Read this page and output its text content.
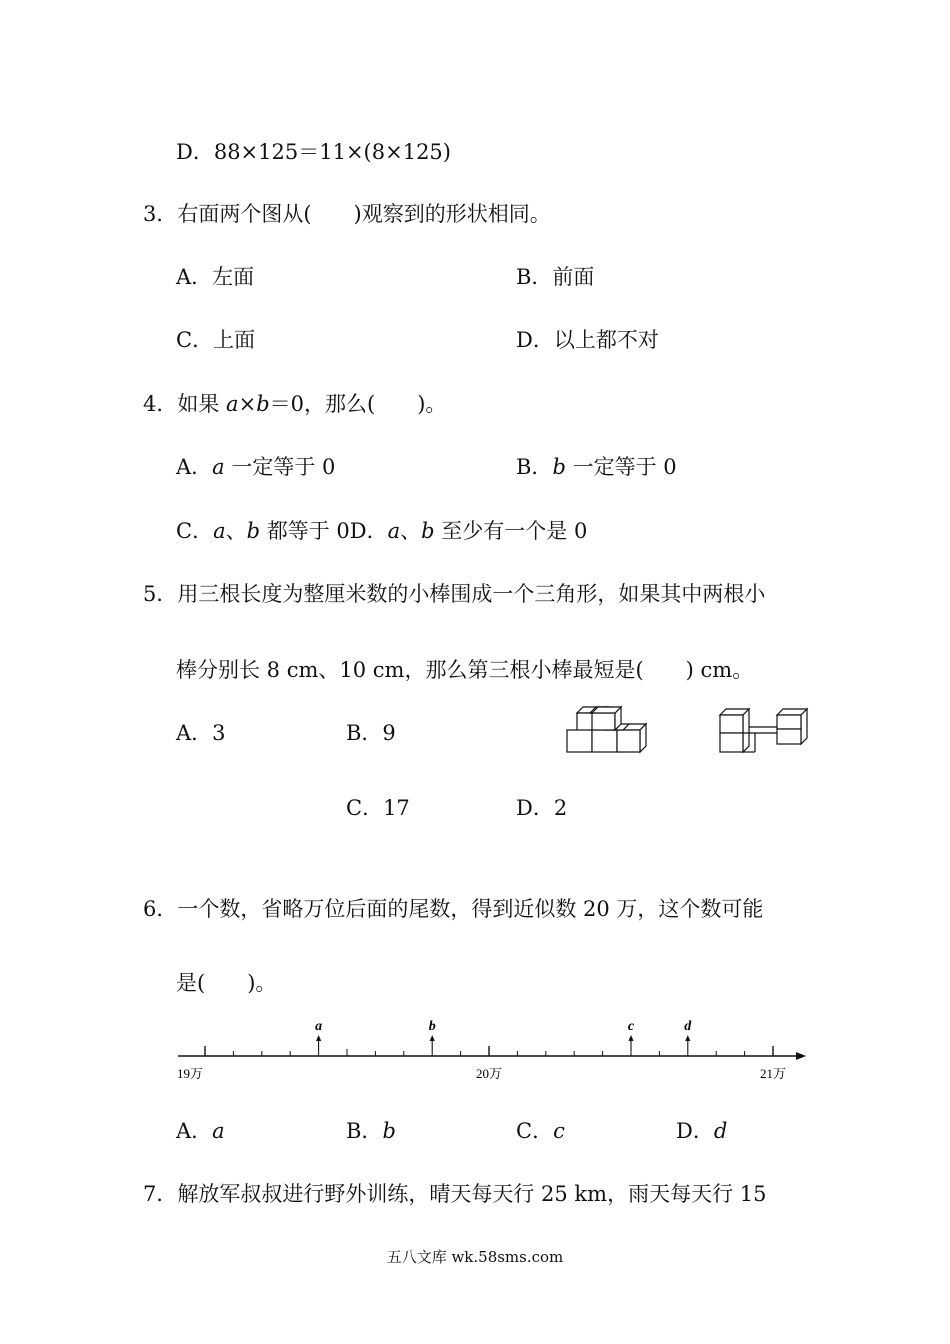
D．88×125＝11×(8×125)
3．右面两个图从(　　)观察到的形状相同。
A．左面	B．前面
C．上面	D．以上都不对
4．如果 a×b＝0，那么(　　)。
A．a 一定等于 0	B．b 一定等于 0
C．a、b 都等于 0D．a、b 至少有一个是 0
5．用三根长度为整厘米数的小棒围成一个三角形，如果其中两根小
棒分别长 8 cm、10 cm，那么第三根小棒最短是(　　) cm。
A．3	B．9
C．17	D．2
6．一个数，省略万位后面的尾数，得到近似数 20 万，这个数可能
是(　　)。
a	b	c	d
19万	20万	21万
A．a	B．b	C．c	D．d
7．解放军叔叔进行野外训练，晴天每天行 25 km，雨天每天行 15
五八文库 wk.58sms.com
